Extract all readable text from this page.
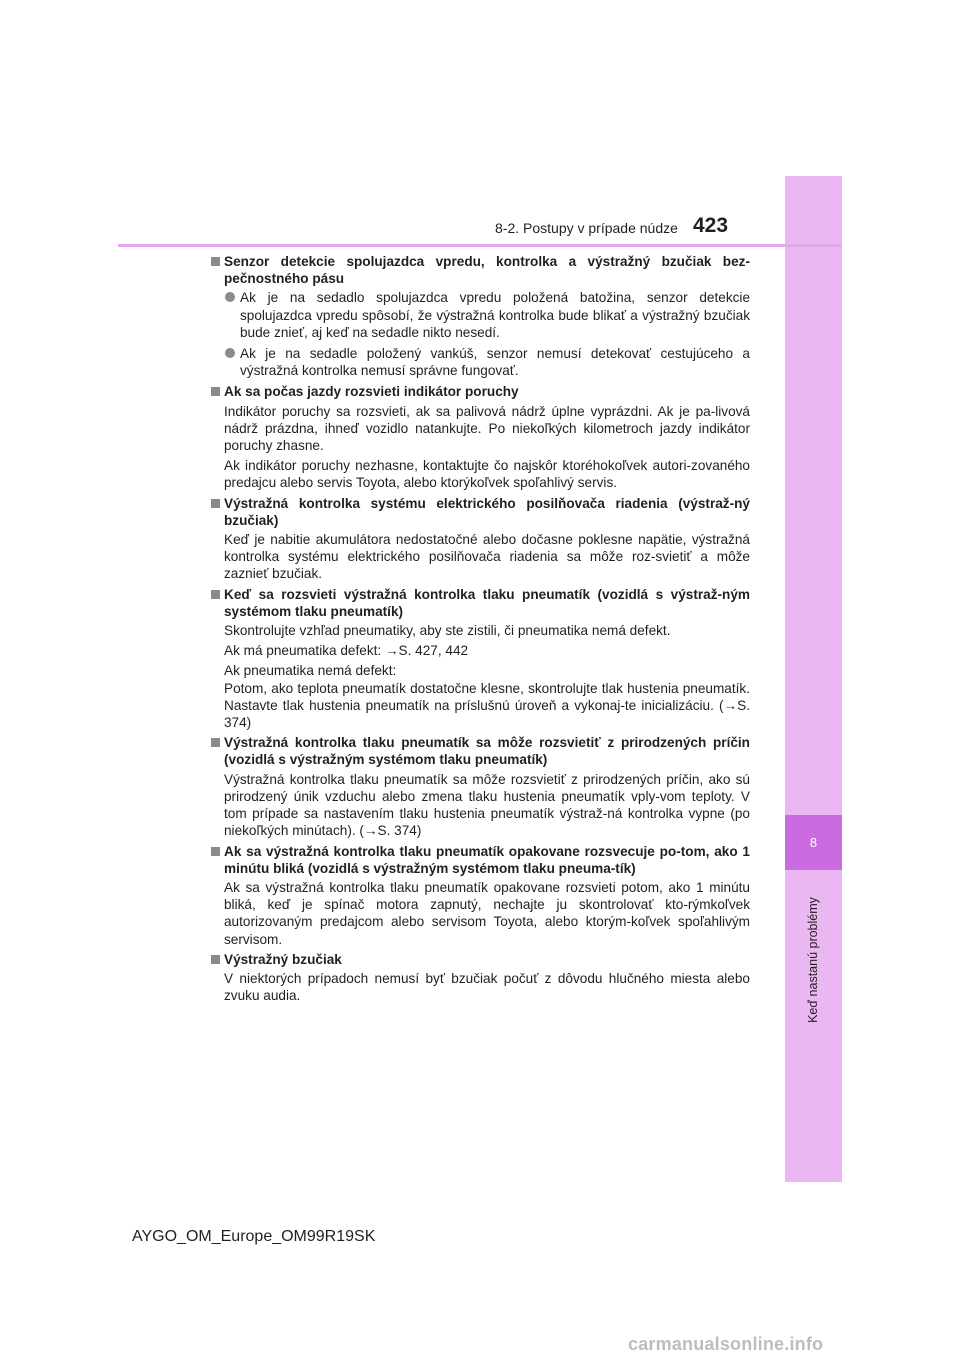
8
Keď nastanú problémy
8-2. Postupy v prípade núdze 423
Senzor detekcie spolujazdca vpredu, kontrolka a výstražný bzučiak bez-pečnostného pásu
Ak je na sedadlo spolujazdca vpredu položená batožina, senzor detekcie spolujazdca vpredu spôsobí, že výstražná kontrolka bude blikať a výstražný bzučiak bude znieť, aj keď na sedadle nikto nesedí.
Ak je na sedadle položený vankúš, senzor nemusí detekovať cestujúceho a výstražná kontrolka nemusí správne fungovať.
Ak sa počas jazdy rozsvieti indikátor poruchy
Indikátor poruchy sa rozsvieti, ak sa palivová nádrž úplne vyprázdni. Ak je pa-livová nádrž prázdna, ihneď vozidlo natankujte. Po niekoľkých kilometroch jazdy indikátor poruchy zhasne.
Ak indikátor poruchy nezhasne, kontaktujte čo najskôr ktoréhokoľvek autori-zovaného predajcu alebo servis Toyota, alebo ktorýkoľvek spoľahlivý servis.
Výstražná kontrolka systému elektrického posilňovača riadenia (výstraž-ný bzučiak)
Keď je nabitie akumulátora nedostatočné alebo dočasne poklesne napätie, výstražná kontrolka systému elektrického posilňovača riadenia sa môže roz-svietiť a môže zaznieť bzučiak.
Keď sa rozsvieti výstražná kontrolka tlaku pneumatík (vozidlá s výstraž-ným systémom tlaku pneumatík)
Skontrolujte vzhľad pneumatiky, aby ste zistili, či pneumatika nemá defekt.
Ak má pneumatika defekt: →S. 427, 442
Ak pneumatika nemá defekt:
Potom, ako teplota pneumatík dostatočne klesne, skontrolujte tlak hustenia pneumatík. Nastavte tlak hustenia pneumatík na príslušnú úroveň a vykonaj-te inicializáciu. (→S. 374)
Výstražná kontrolka tlaku pneumatík sa môže rozsvietiť z prirodzených príčin (vozidlá s výstražným systémom tlaku pneumatík)
Výstražná kontrolka tlaku pneumatík sa môže rozsvietiť z prirodzených príčin, ako sú prirodzený únik vzduchu alebo zmena tlaku hustenia pneumatík vply-vom teploty. V tom prípade sa nastavením tlaku hustenia pneumatík výstraž-ná kontrolka vypne (po niekoľkých minútach). (→S. 374)
Ak sa výstražná kontrolka tlaku pneumatík opakovane rozsvecuje po-tom, ako 1 minútu bliká (vozidlá s výstražným systémom tlaku pneuma-tík)
Ak sa výstražná kontrolka tlaku pneumatík opakovane rozsvieti potom, ako 1 minútu bliká, keď je spínač motora zapnutý, nechajte ju skontrolovať kto-rýmkoľvek autorizovaným predajcom alebo servisom Toyota, alebo ktorým-koľvek spoľahlivým servisom.
Výstražný bzučiak
V niektorých prípadoch nemusí byť bzučiak počuť z dôvodu hlučného miesta alebo zvuku audia.
AYGO_OM_Europe_OM99R19SK
carmanualsonline.info
